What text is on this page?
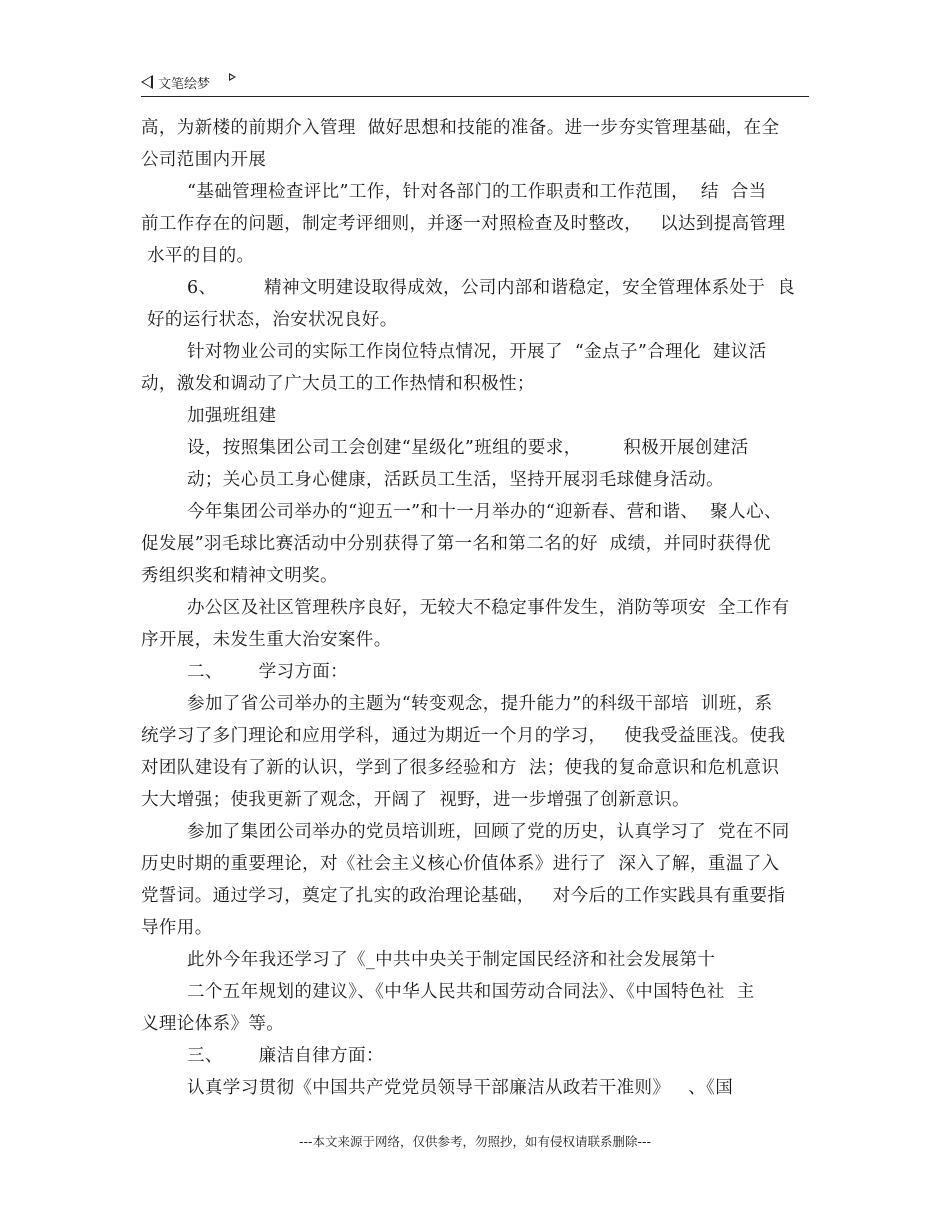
文笔绘梦
高，为新楼的前期介入管理  做好思想和技能的准备。进一步夯实管理基础，在全
公司范围内开展
“基础管理检查评比”工作，针对各部门的工作职责和工作范围，  结  合当
前工作存在的问题，制定考评细则，并逐一对照检查及时整改，   以达到提高管理
水平的目的。
6、        精神文明建设取得成效，公司内部和谐稳定，安全管理体系处于  良
好的运行状态，治安状况良好。
针对物业公司的实际工作岗位特点情况，开展了  “金点子”合理化  建议活
动，激发和调动了广大员工的工作热情和积极性；
加强班组建
设，按照集团公司工会创建“星级化”班组的要求，       积极开展创建活
动；关心员工身心健康，活跃员工生活，坚持开展羽毛球健身活动。
今年集团公司举办的“迎五一”和十一月举办的“迎新春、营和谐、  聚人心、
促发展”羽毛球比赛活动中分别获得了第一名和第二名的好  成绩，并同时获得优
秀组织奖和精神文明奖。
办公区及社区管理秩序良好，无较大不稳定事件发生，消防等项安  全工作有
序开展，未发生重大治安案件。
二、      学习方面：
参加了省公司举办的主题为“转变观念，提升能力”的科级干部培  训班，系
统学习了多门理论和应用学科，通过为期近一个月的学习，   使我受益匪浅。使我
对团队建设有了新的认识，学到了很多经验和方  法；使我的复命意识和危机意识
大大增强；使我更新了观念，开阔了  视野，进一步增强了创新意识。
参加了集团公司举办的党员培训班，回顾了党的历史，认真学习了  党在不同
历史时期的重要理论，对《社会主义核心价值体系》进行了  深入了解，重温了入
党誓词。通过学习，奠定了扎实的政治理论基础，   对今后的工作实践具有重要指
导作用。
此外今年我还学习了《_中共中央关于制定国民经济和社会发展第十
二个五年规划的建议》、《中华人民共和国劳动合同法》、《中国特色社  主
义理论体系》等。
三、      廉洁自律方面：
认真学习贯彻《中国共产党党员领导干部廉洁从政若干准则》   、《国
---本文来源于网络，仅供参考，勿照抄，如有侵权请联系删除---
